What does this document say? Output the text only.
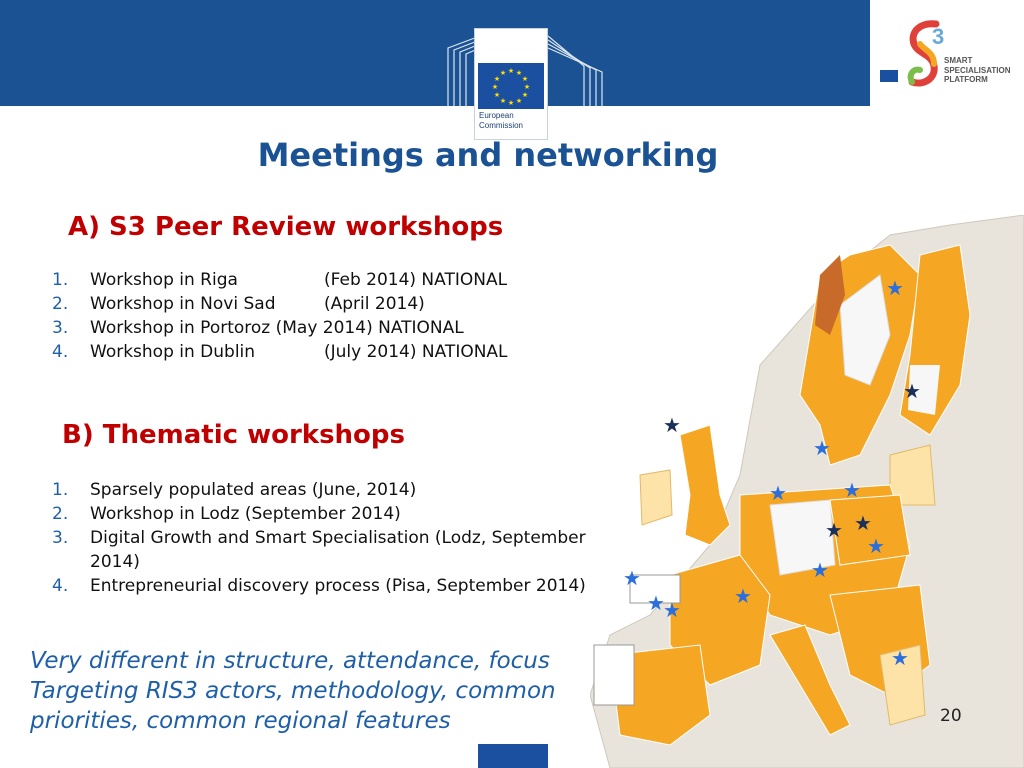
★ ★
★
★
★
★
★
★
★
★
★
★
European
Commission
3
SMART
SPECIALISATION
PLATFORM
Meetings and networking
A) S3 Peer Review workshops
1. Workshop in Riga	(Feb 2014) NATIONAL
2. Workshop in Novi Sad	(April 2014)
3. Workshop in Portoroz (May 2014) NATIONAL
4. Workshop in Dublin	(July 2014) NATIONAL
B) Thematic workshops
1. Sparsely populated areas (June, 2014)
2. Workshop in Lodz (September 2014)
3. Digital Growth and Smart Specialisation (Lodz, September 2014)
4. Entrepreneurial discovery process (Pisa, September 2014)
★
★
★
★
★	★
★ ★
★
★
★
★
★
★
★
Very different in structure, attendance, focus
Targeting RIS3 actors, methodology, common
priorities, common regional features	20
